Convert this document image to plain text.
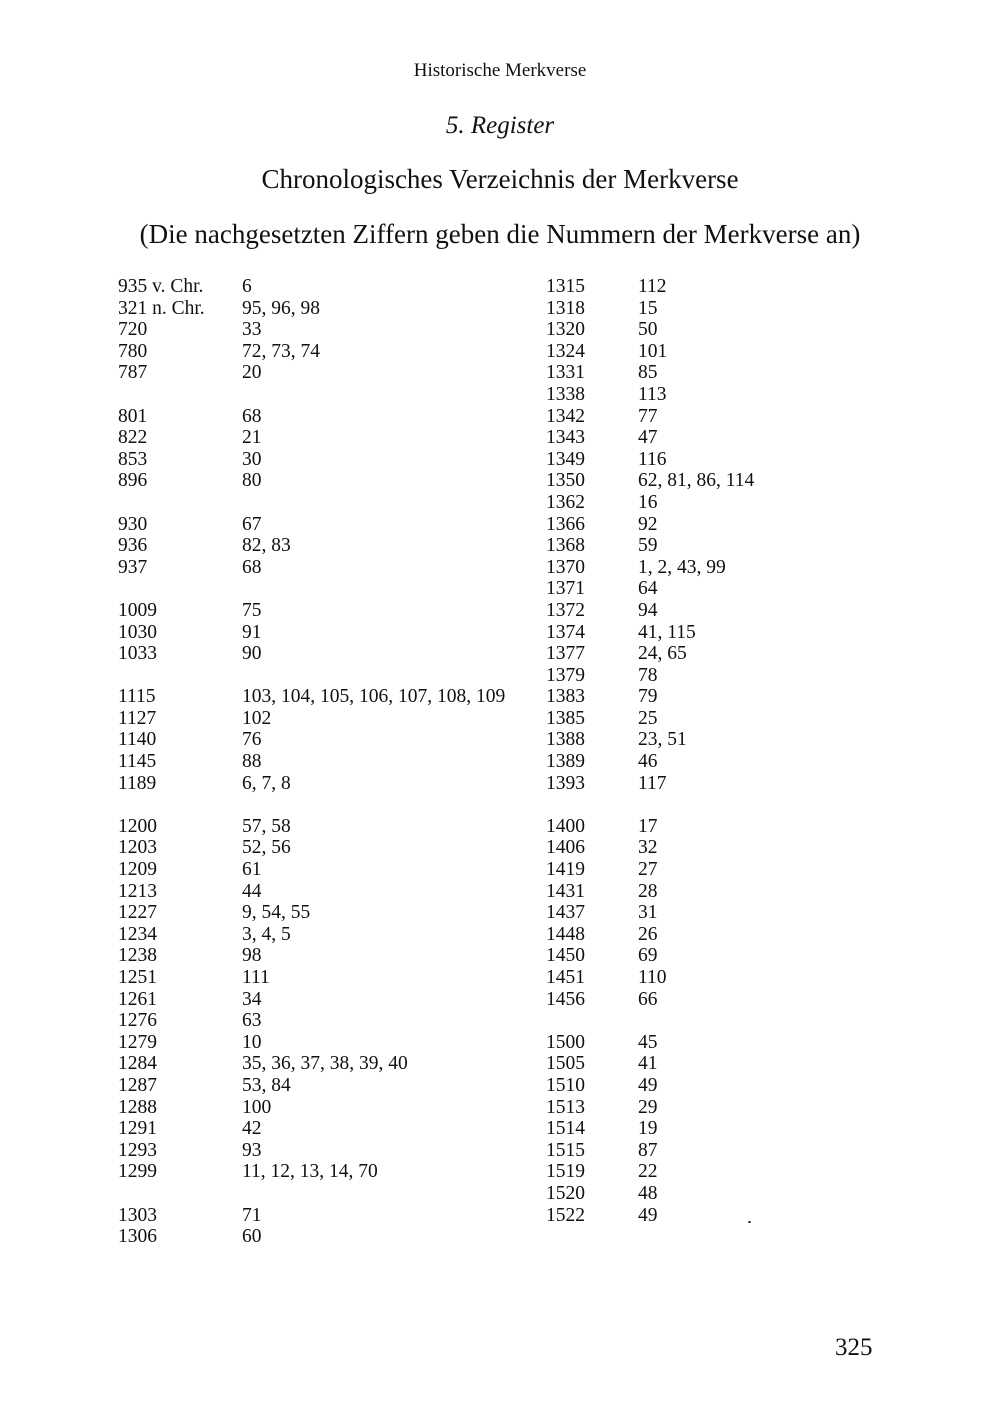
Historische Merkverse
5. Register
Chronologisches Verzeichnis der Merkverse
(Die nachgesetzten Ziffern geben die Nummern der Merkverse an)
935 v. Chr.	6
321 n. Chr.	95, 96, 98
720	33
780	72, 73, 74
787	20
801	68
822	21
853	30
896	80
930	67
936	82, 83
937	68
1009	75
1030	91
1033	90
1115	103, 104, 105, 106, 107, 108, 109
1127	102
1140	76
1145	88
1189	6, 7, 8
1200	57, 58
1203	52, 56
1209	61
1213	44
1227	9, 54, 55
1234	3, 4, 5
1238	98
1251	111
1261	34
1276	63
1279	10
1284	35, 36, 37, 38, 39, 40
1287	53, 84
1288	100
1291	42
1293	93
1299	11, 12, 13, 14, 70
1303	71
1306	60
1315	112
1318	15
1320	50
1324	101
1331	85
1338	113
1342	77
1343	47
1349	116
1350	62, 81, 86, 114
1362	16
1366	92
1368	59
1370	1, 2, 43, 99
1371	64
1372	94
1374	41, 115
1377	24, 65
1379	78
1383	79
1385	25
1388	23, 51
1389	46
1393	117
1400	17
1406	32
1419	27
1431	28
1437	31
1448	26
1450	69
1451	110
1456	66
1500	45
1505	41
1510	49
1513	29
1514	19
1515	87
1519	22
1520	48
1522	49
325
